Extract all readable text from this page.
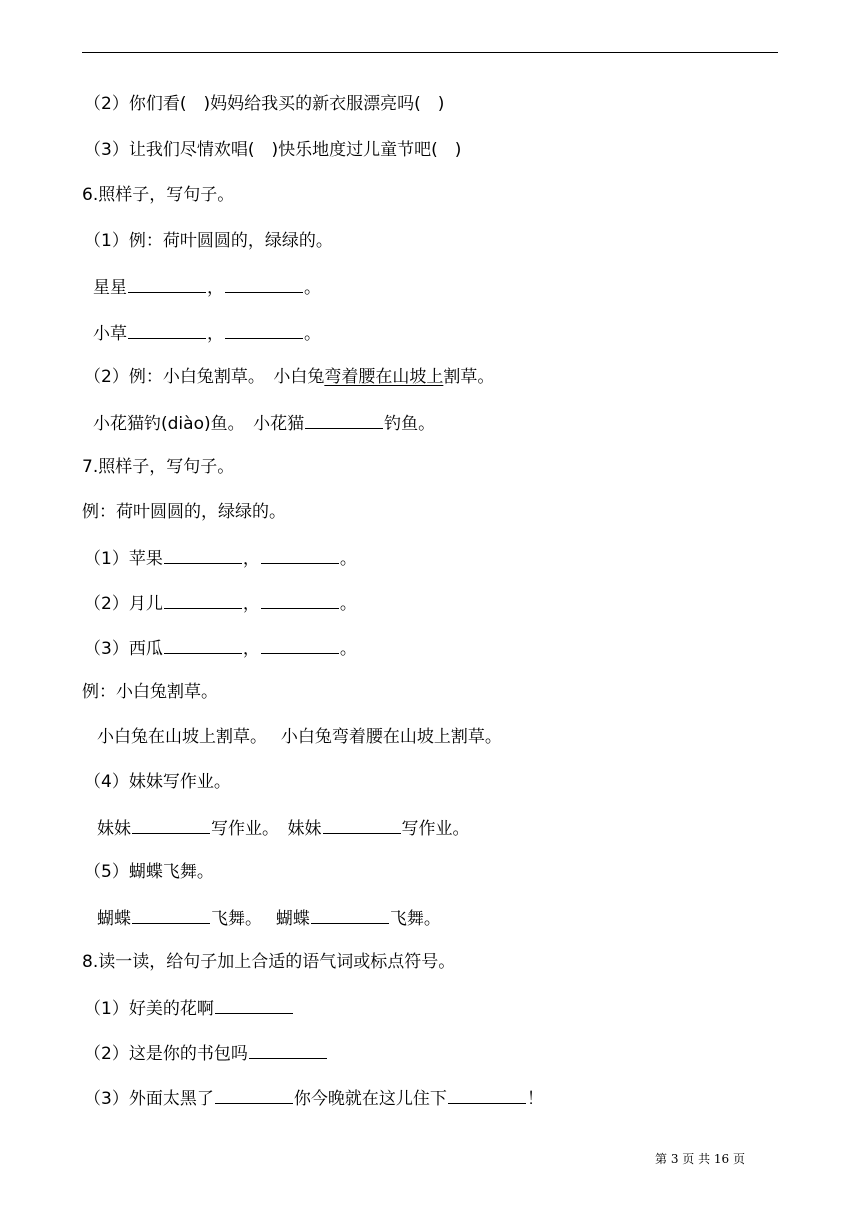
（2）你们看(　)妈妈给我买的新衣服漂亮吗(　)
（3）让我们尽情欢唱(　)快乐地度过儿童节吧(　)
6.照样子，写句子。
（1）例：荷叶圆圆的，绿绿的。
星星	，	。
小草	，	。
（2）例：小白兔割草。　小白兔弯着腰在山坡上割草。
小花猫钓(diào)鱼。　小花猫	钓鱼。
7.照样子，写句子。
例：荷叶圆圆的，绿绿的。
（1）苹果	，	。
（2）月儿	，	。
（3）西瓜	，	。
例：小白兔割草。
小白兔在山坡上割草。　 小白兔弯着腰在山坡上割草。
（4）妹妹写作业。
妹妹	写作业。　妹妹	写作业。
（5）蝴蝶飞舞。
蝴蝶	飞舞。　 蝴蝶	飞舞。
8.读一读，给句子加上合适的语气词或标点符号。
（1）好美的花啊
（2）这是你的书包吗
（3）外面太黑了	你今晚就在这儿住下	！
第 3 页 共 16 页
